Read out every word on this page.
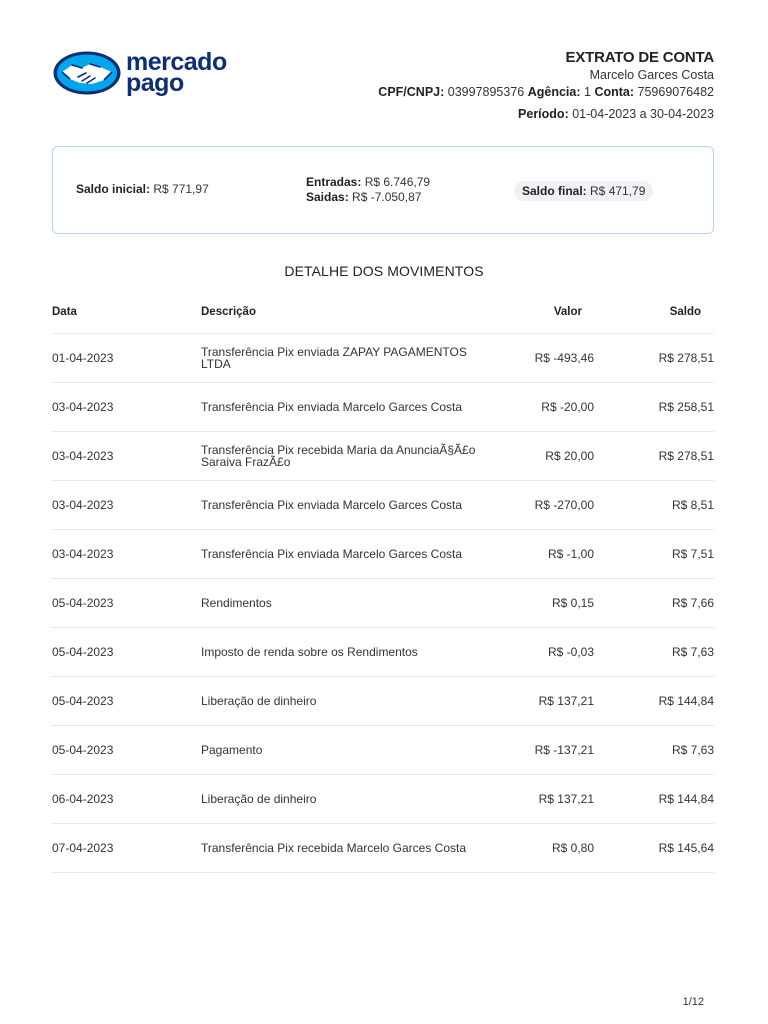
mercado
pago
EXTRATO DE CONTA
Marcelo Garces Costa
CPF/CNPJ: 03997895376 Agência: 1 Conta: 75969076482
Período: 01-04-2023 a 30-04-2023
Saldo inicial: R$ 771,97	Entradas: R$ 6.746,79
Saidas: R$ -7.050,87	Saldo final: R$ 471,79
DETALHE DOS MOVIMENTOS
Data	Descrição	Valor	Saldo
01-04-2023	Transferência Pix enviada ZAPAY PAGAMENTOS LTDA	R$ -493,46	R$ 278,51
03-04-2023	Transferência Pix enviada Marcelo Garces Costa	R$ -20,00	R$ 258,51
03-04-2023	Transferência Pix recebida Maria da AnunciaÃ§Ã£o Saraiva FrazÃ£o	R$ 20,00	R$ 278,51
03-04-2023	Transferência Pix enviada Marcelo Garces Costa	R$ -270,00	R$ 8,51
03-04-2023	Transferência Pix enviada Marcelo Garces Costa	R$ -1,00	R$ 7,51
05-04-2023	Rendimentos	R$ 0,15	R$ 7,66
05-04-2023	Imposto de renda sobre os Rendimentos	R$ -0,03	R$ 7,63
05-04-2023	Liberação de dinheiro	R$ 137,21	R$ 144,84
05-04-2023	Pagamento	R$ -137,21	R$ 7,63
06-04-2023	Liberação de dinheiro	R$ 137,21	R$ 144,84
07-04-2023	Transferência Pix recebida Marcelo Garces Costa	R$ 0,80	R$ 145,64
1/12
